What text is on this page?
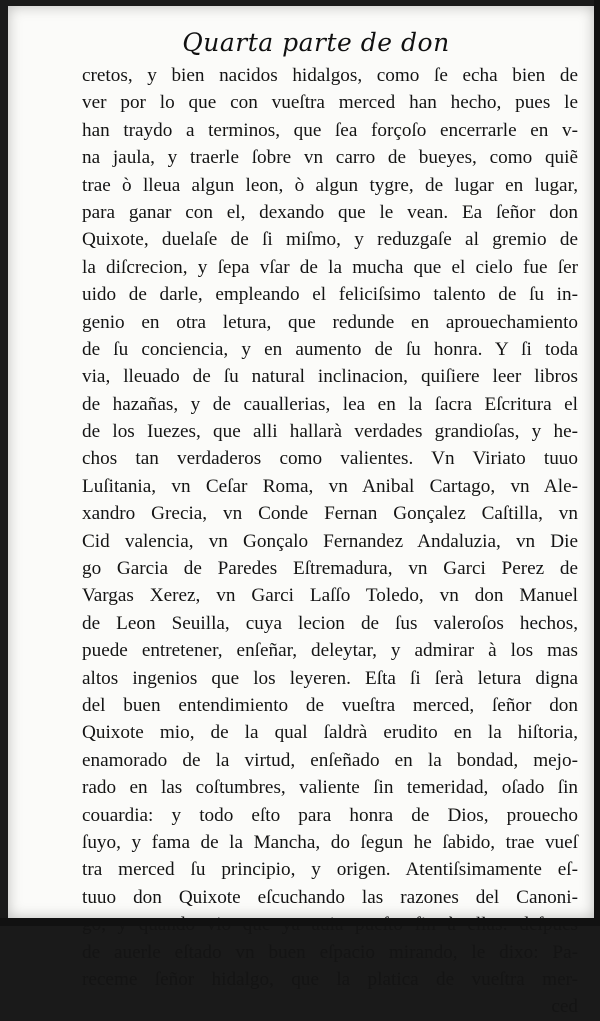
Quarta parte de don
cretos, y bien nacidos hidalgos, como ſe echa bien de
ver por lo que con vueſtra merced han hecho, pues le
han traydo a terminos, que ſea forçoſo encerrarle en v-
na jaula, y traerle ſobre vn carro de bueyes, como quiẽ
trae ò lleua algun leon, ò algun tygre, de lugar en lugar,
para ganar con el, dexando que le vean. Ea ſeñor don
Quixote, duelaſe de ſi miſmo, y reduzgaſe al gremio de
la diſcrecion, y ſepa vſar de la mucha que el cielo fue ſer
uido de darle, empleando el feliciſsimo talento de ſu in-
genio en otra letura, que redunde en aprouechamiento
de ſu conciencia, y en aumento de ſu honra. Y ſi toda
via, lleuado de ſu natural inclinacion, quiſiere leer libros
de hazañas, y de cauallerias, lea en la ſacra Eſcritura el
de los Iuezes, que alli hallarà verdades grandioſas, y he-
chos tan verdaderos como valientes. Vn Viriato tuuo
Luſitania, vn Ceſar Roma, vn Anibal Cartago, vn Ale-
xandro Grecia, vn Conde Fernan Gonçalez Caſtilla, vn
Cid valencia, vn Gonçalo Fernandez Andaluzia, vn Die
go Garcia de Paredes Eſtremadura, vn Garci Perez de
Vargas Xerez, vn Garci Laſſo Toledo, vn don Manuel
de Leon Seuilla, cuya lecion de ſus valeroſos hechos,
puede entretener, enſeñar, deleytar, y admirar à los mas
altos ingenios que los leyeren. Eſta ſi ſerà letura digna
del buen entendimiento de vueſtra merced, ſeñor don
Quixote mio, de la qual ſaldrà erudito en la hiſtoria,
enamorado de la virtud, enſeñado en la bondad, mejo-
rado en las coſtumbres, valiente ſin temeridad, oſado ſin
couardia: y todo eſto para honra de Dios, prouecho
ſuyo, y fama de la Mancha, do ſegun he ſabido, trae vueſ
tra merced ſu principio, y origen. Atentiſsimamente eſ-
tuuo don Quixote eſcuchando las razones del Canoni-
de auerle eſtado vn buen eſpacio mirando, le dixo: Pa-
receme ſeñor hidalgo, que la platica de vueſtra mer-
ced
